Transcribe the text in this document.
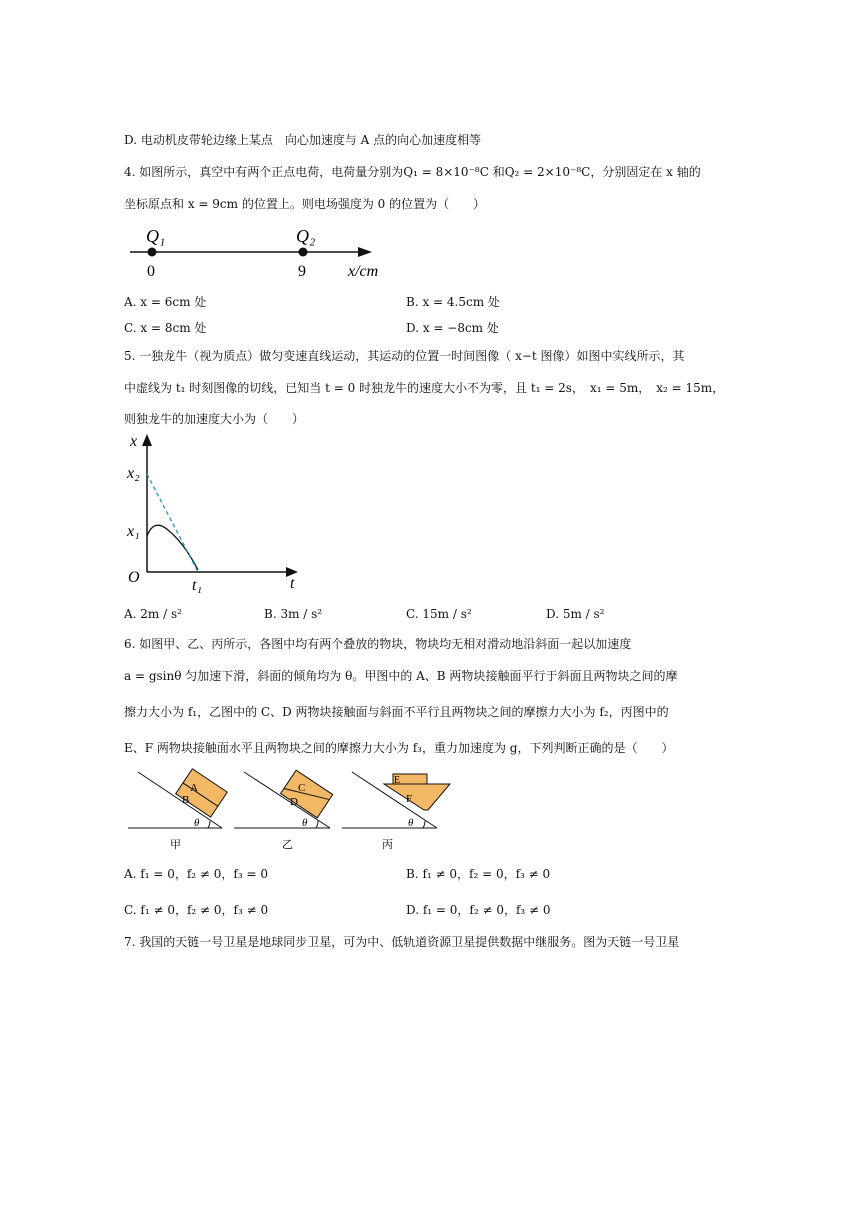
D. 电动机皮带轮边缘上某点　向心加速度与 A 点的向心加速度相等
4. 如图所示，真空中有两个正点电荷，电荷量分别为Q₁ = 8×10⁻⁸C 和Q₂ = 2×10⁻⁸C，分别固定在 x 轴的
坐标原点和 x = 9cm 的位置上。则电场强度为 0 的位置为（　　）
Q₁
0
Q₂
9	x/cm
A. x = 6cm 处	B. x = 4.5cm 处
C. x = 8cm 处	D. x = −8cm 处
5. 一独龙牛（视为质点）做匀变速直线运动，其运动的位置一时间图像（ x−t 图像）如图中实线所示，其
中虚线为 t₁ 时刻图像的切线，已知当 t = 0 时独龙牛的速度大小不为零，且 t₁ = 2s，　x₁ = 5m，　x₂ = 15m，
则独龙牛的加速度大小为（　　）
x
t
O
x₂
x₁
t₁
A. 2m / s²	B. 3m / s²	C. 15m / s²	D. 5m / s²
6. 如图甲、乙、丙所示，各图中均有两个叠放的物块，物块均无相对滑动地沿斜面一起以加速度
a = gsinθ 匀加速下滑，斜面的倾角均为 θ。甲图中的 A、B 两物块接触面平行于斜面且两物块之间的摩
擦力大小为 f₁，乙图中的 C、D 两物块接触面与斜面不平行且两物块之间的摩擦力大小为 f₂，丙图中的
E、F 两物块接触面水平且两物块之间的摩擦力大小为 f₃，重力加速度为 g，下列判断正确的是（　　）
A
B
θ
甲
C
D
θ
乙
E
F
θ
丙
A. f₁ = 0，f₂ ≠ 0，f₃ = 0	B. f₁ ≠ 0，f₂ = 0，f₃ ≠ 0
C. f₁ ≠ 0，f₂ ≠ 0，f₃ ≠ 0	D. f₁ = 0，f₂ ≠ 0，f₃ ≠ 0
7. 我国的天链一号卫星是地球同步卫星，可为中、低轨道资源卫星提供数据中继服务。图为天链一号卫星
